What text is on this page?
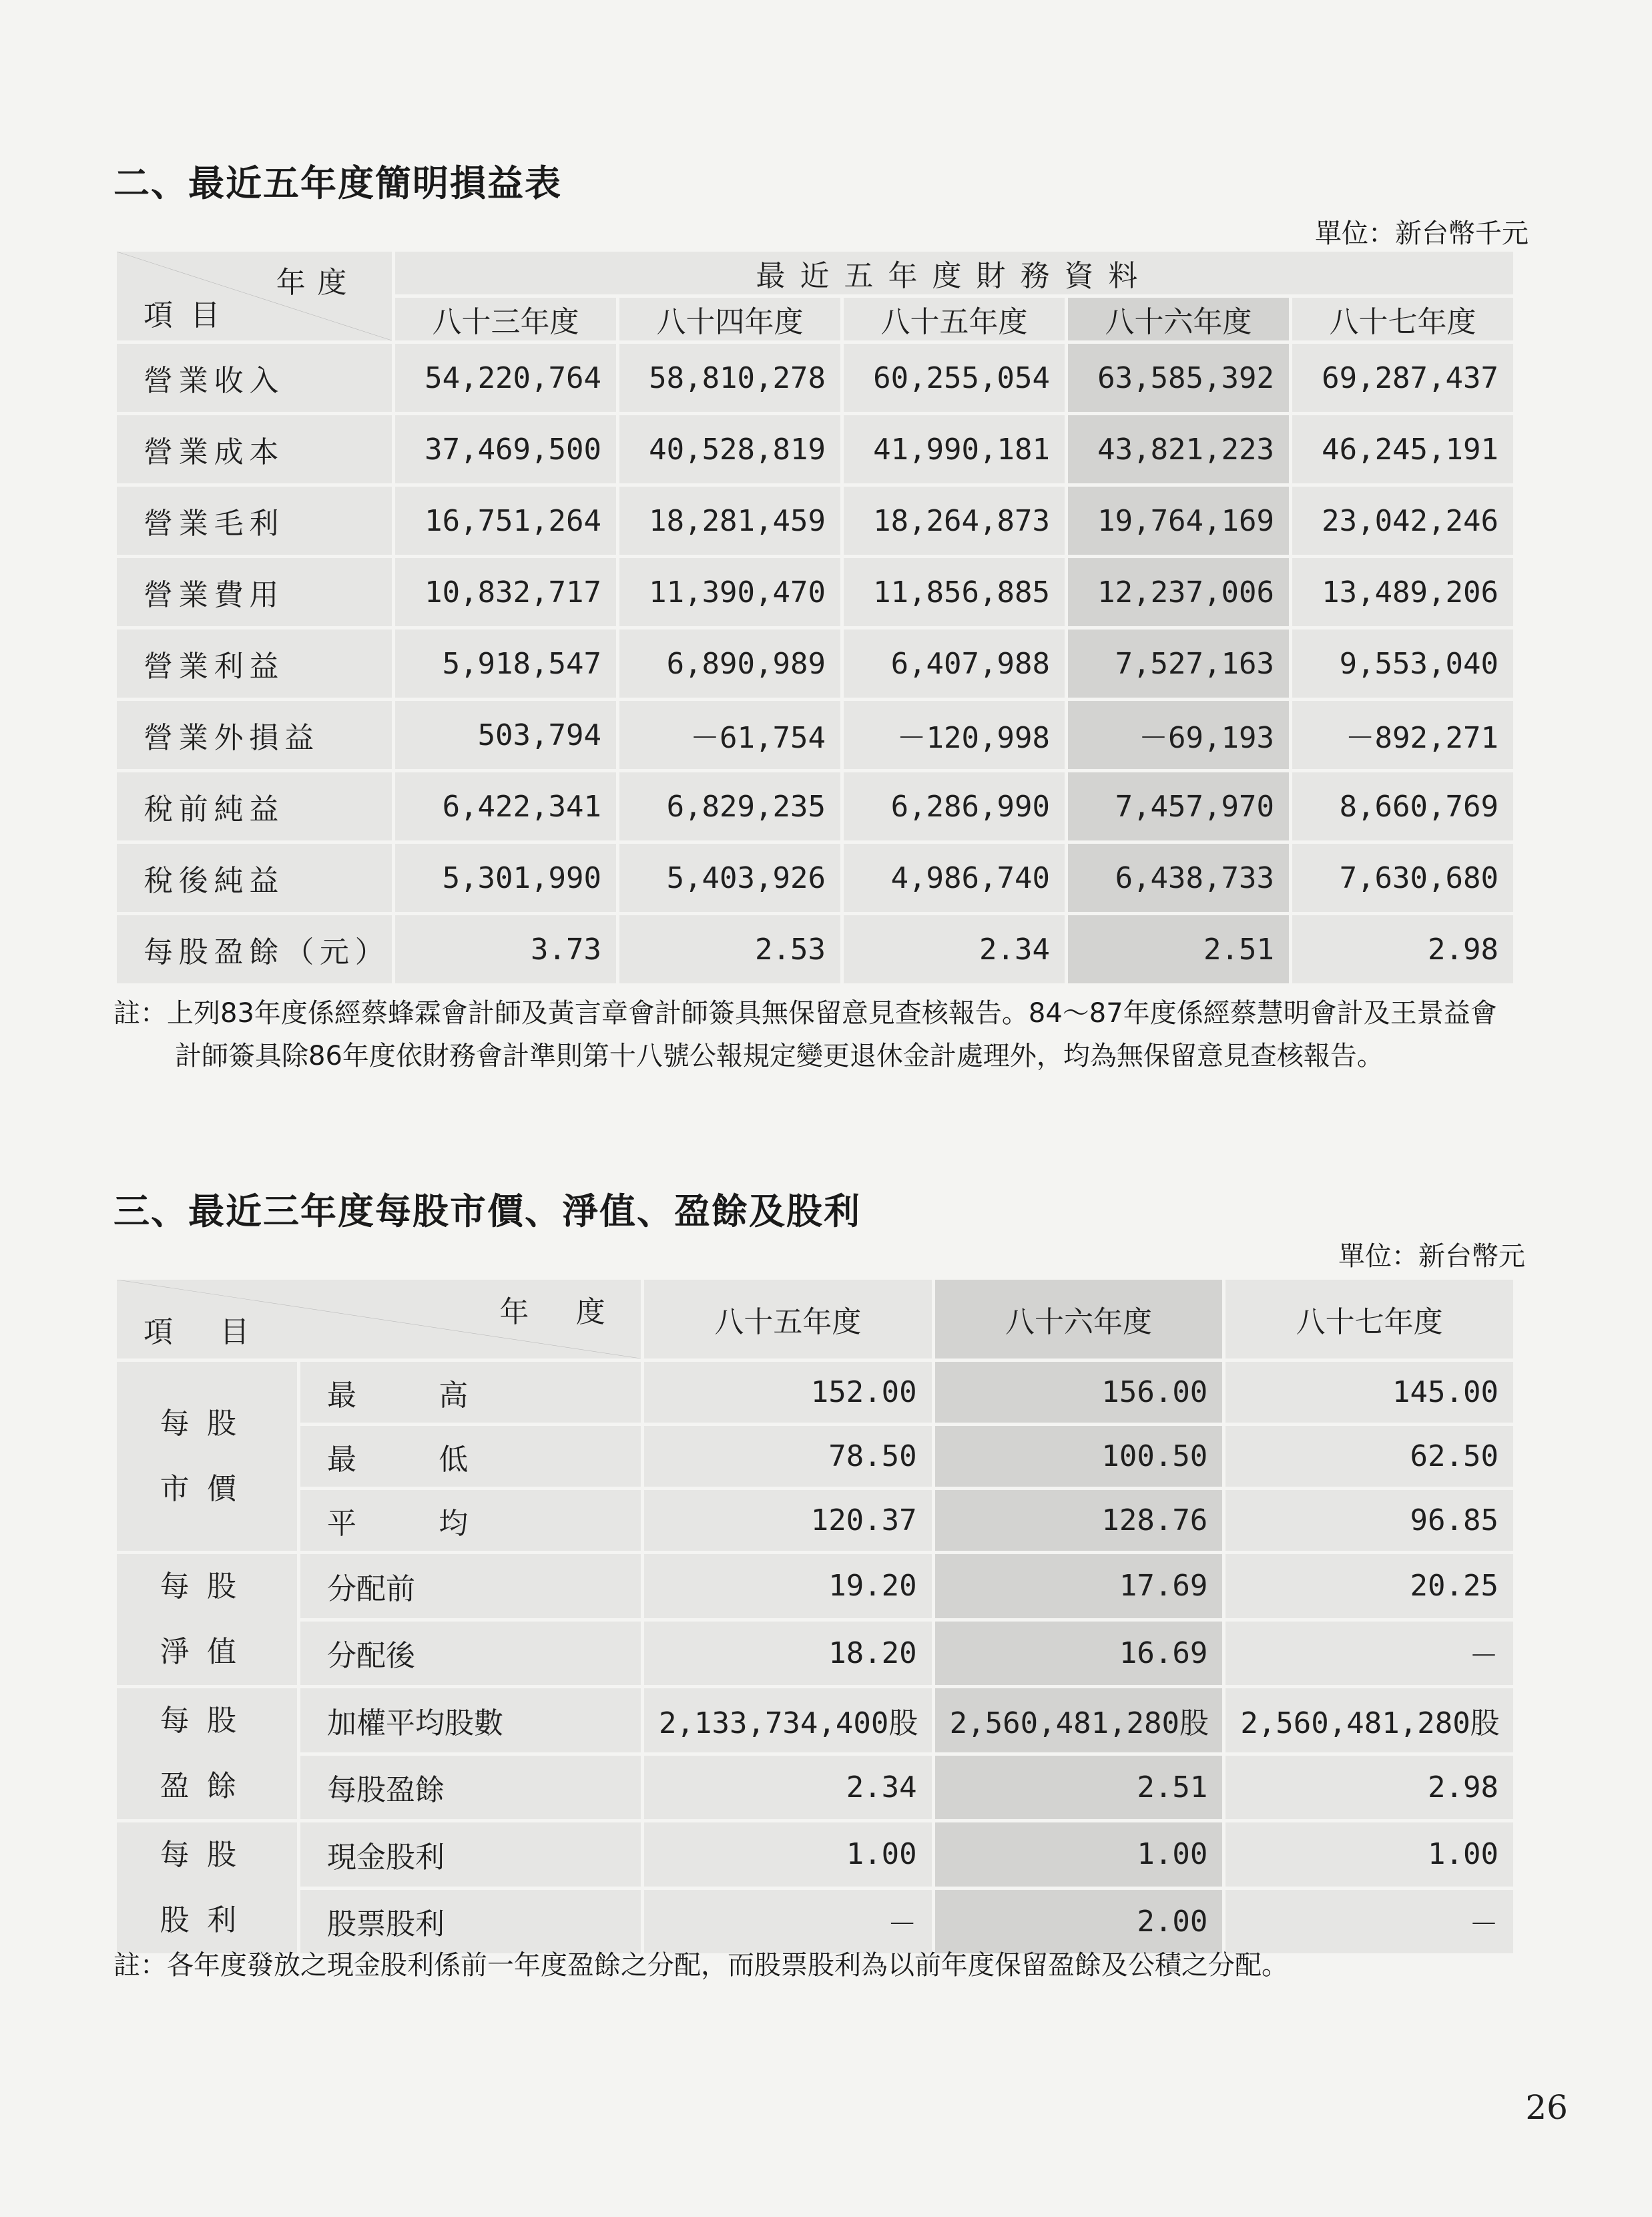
二、最近五年度簡明損益表
單位：新台幣千元
年度
項目	最近五年度財務資料				
	八十三年度	八十四年度	八十五年度	八十六年度	八十七年度
營業收入	54,220,764	58,810,278	60,255,054	63,585,392	69,287,437
營業成本	37,469,500	40,528,819	41,990,181	43,821,223	46,245,191
營業毛利	16,751,264	18,281,459	18,264,873	19,764,169	23,042,246
營業費用	10,832,717	11,390,470	11,856,885	12,237,006	13,489,206
營業利益	5,918,547	6,890,989	6,407,988	7,527,163	9,553,040
營業外損益	503,794	－61,754	－120,998	－69,193	－892,271
稅前純益	6,422,341	6,829,235	6,286,990	7,457,970	8,660,769
稅後純益	5,301,990	5,403,926	4,986,740	6,438,733	7,630,680
每股盈餘（元）	3.73	2.53	2.34	2.51	2.98

註：上列83年度係經蔡蜂霖會計師及黃言章會計師簽具無保留意見查核報告。84～87年度係經蔡慧明會計及王景益會計師簽具除86年度依財務會計準則第十八號公報規定變更退休金計處理外，均為無保留意見查核報告。

三、最近三年度每股市價、淨值、盈餘及股利
單位：新台幣元
年　度
項　目		八十五年度	八十六年度	八十七年度
每股
市價	最　高	152.00	156.00	145.00
	最　低	78.50	100.50	62.50
	平　均	120.37	128.76	96.85
每股
淨值	分配前	19.20	17.69	20.25
	分配後	18.20	16.69	－
每股
盈餘	加權平均股數	2,133,734,400股	2,560,481,280股	2,560,481,280股
	每股盈餘	2.34	2.51	2.98
每股
股利	現金股利	1.00	1.00	1.00
	股票股利	－	2.00	－

註：各年度發放之現金股利係前一年度盈餘之分配，而股票股利為以前年度保留盈餘及公積之分配。

26
